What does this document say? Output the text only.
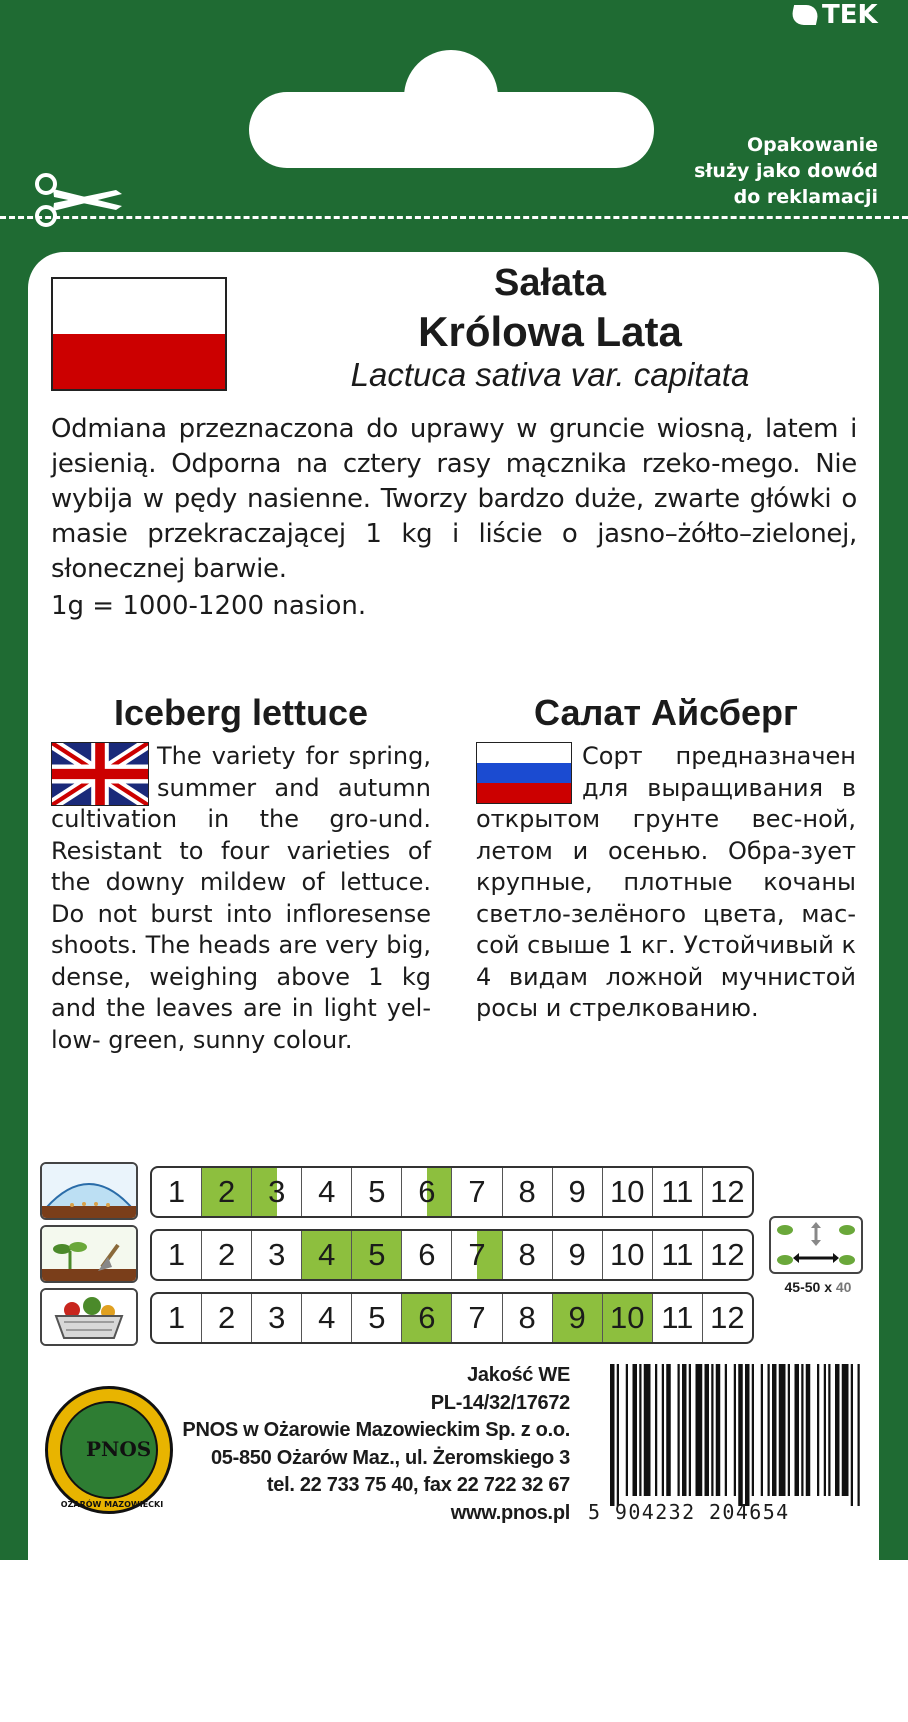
TEK
Opakowanie
służy jako dowód
do reklamacji
Sałata
Królowa Lata
Lactuca sativa var. capitata
Odmiana przeznaczona do uprawy w gruncie wiosną, latem i jesienią. Odporna na cztery rasy mącznika rzeko-mego. Nie wybija w pędy nasienne. Tworzy bardzo duże, zwarte główki o masie przekraczającej 1 kg i liście o jasno–żółto–zielonej, słonecznej barwie.
1g = 1000-1200 nasion.
Iceberg lettuce	Салат Айсберг
The variety for spring, summer and autumn cultivation in the gro-und. Resistant to four varieties of the downy mildew of lettuce. Do not burst into infloresense shoots. The heads are very big, dense, weighing above 1 kg and the leaves are in light yel-low- green, sunny colour.
Сорт предназначен для выращивания в открытом грунте вес-ной, летом и осенью. Обра-зует крупные, плотные кочаны светло-зелёного цвета, мас-сой свыше 1 кг. Устойчивый к 4 видам ложной мучнистой росы и стрелкованию.
1 2 3 4 5 6 7 8 9 10 11 12
1 2 3 4 5 6 7 8 9 10 11 12
1 2 3 4 5 6 7 8 9 10 11 12
45-50 x 40
PNOS
OŻARÓW MAZOWIECKI
Jakość WE
PL-14/32/17672
PNOS w Ożarowie Mazowieckim Sp. z o.o.
05-850 Ożarów Maz., ul. Żeromskiego 3
tel. 22 733 75 40, fax 22 722 32 67
www.pnos.pl 5 904232 204654
